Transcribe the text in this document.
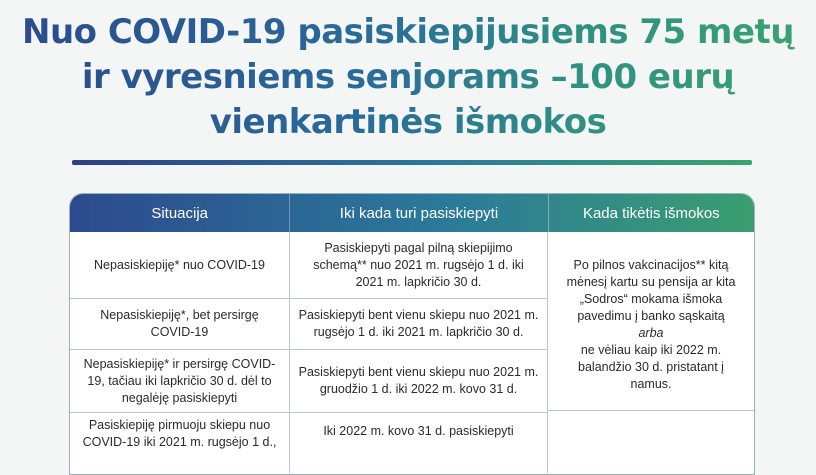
Nuo COVID-19 pasiskiepijusiems 75 metų
ir vyresniems senjorams –100 eurų
vienkartinės išmokos
Situacija	Iki kada turi pasiskiepyti	Kada tikėtis išmokos
Nepasiskiepiję* nuo COVID-19
Pasiskiepyti pagal pilną skiepijimo schemą** nuo 2021 m. rugsėjo 1 d. iki 2021 m. lapkričio 30 d.
Nepasiskiepiję*, bet persirgę COVID-19
Pasiskiepyti bent vienu skiepu nuo 2021 m. rugsėjo 1 d. iki 2021 m. lapkričio 30 d.
Nepasiskiepiję* ir persirgę COVID-19, tačiau iki lapkričio 30 d. dėl to negalėję pasiskiepyti
Pasiskiepyti bent vienu skiepu nuo 2021 m. gruodžio 1 d. iki 2022 m. kovo 31 d.
Pasiskiepiję pirmuoju skiepu nuo COVID-19 iki 2021 m. rugsėjo 1 d.,
Iki 2022 m. kovo 31 d. pasiskiepyti
Po pilnos vakcinacijos** kitą mėnesį kartu su pensija ar kita „Sodros“ mokama išmoka pavedimu į banko sąskaitą
arba
ne vėliau kaip iki 2022 m. balandžio 30 d. pristatant į namus.
